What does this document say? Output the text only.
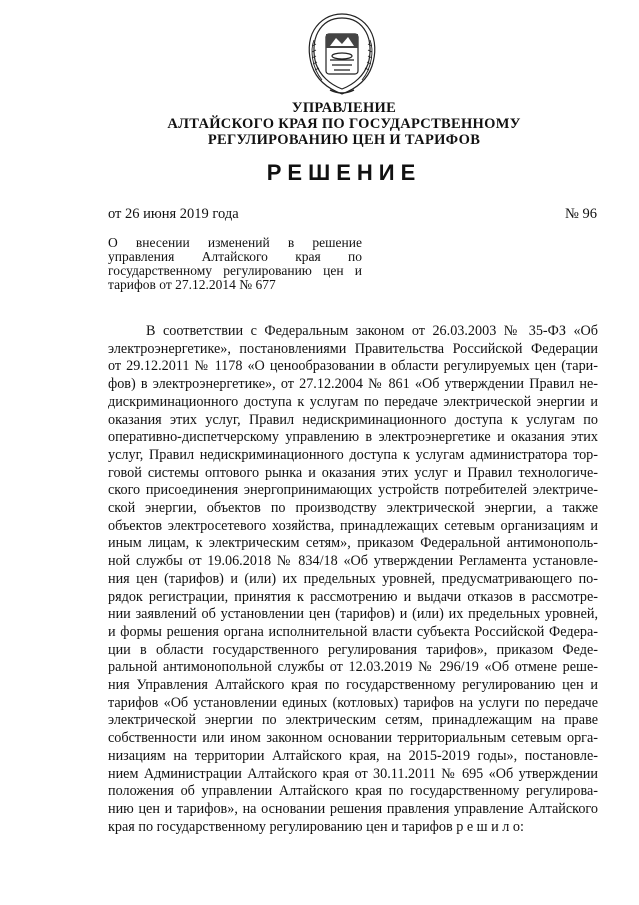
УПРАВЛЕНИЕ
АЛТАЙСКОГО КРАЯ ПО ГОСУДАРСТВЕННОМУ
РЕГУЛИРОВАНИЮ ЦЕН И ТАРИФОВ
РЕШЕНИЕ
от 26 июня 2019 года	№ 96
О внесении изменений в решение управления Алтайского края по государственному регулированию цен и тарифов от 27.12.2014 № 677
В соответствии с Федеральным законом от 26.03.2003 № 35-ФЗ «Об
электроэнергетике», постановлениями Правительства Российской Федерации
от 29.12.2011 № 1178 «О ценообразовании в области регулируемых цен (тари-
фов) в электроэнергетике», от 27.12.2004 № 861 «Об утверждении Правил не-
дискриминационного доступа к услугам по передаче электрической энергии и
оказания этих услуг, Правил недискриминационного доступа к услугам по
оперативно-диспетчерскому управлению в электроэнергетике и оказания этих
услуг, Правил недискриминационного доступа к услугам администратора тор-
говой системы оптового рынка и оказания этих услуг и Правил технологиче-
ского присоединения энергопринимающих устройств потребителей электриче-
ской энергии, объектов по производству электрической энергии, а также
объектов электросетевого хозяйства, принадлежащих сетевым организациям и
иным лицам, к электрическим сетям», приказом Федеральной антимонополь-
ной службы от 19.06.2018 № 834/18 «Об утверждении Регламента установле-
ния цен (тарифов) и (или) их предельных уровней, предусматривающего по-
рядок регистрации, принятия к рассмотрению и выдачи отказов в рассмотре-
нии заявлений об установлении цен (тарифов) и (или) их предельных уровней,
и формы решения органа исполнительной власти субъекта Российской Федера-
ции в области государственного регулирования тарифов», приказом Феде-
ральной антимонопольной службы от 12.03.2019 № 296/19 «Об отмене реше-
ния Управления Алтайского края по государственному регулированию цен и
тарифов «Об установлении единых (котловых) тарифов на услуги по передаче
электрической энергии по электрическим сетям, принадлежащим на праве
собственности или ином законном основании территориальным сетевым орга-
низациям на территории Алтайского края, на 2015-2019 годы», постановле-
нием Администрации Алтайского края от 30.11.2011 № 695 «Об утверждении
положения об управлении Алтайского края по государственному регулирова-
нию цен и тарифов», на основании решения правления управление Алтайского
края по государственному регулированию цен и тарифов р е ш и л о:
